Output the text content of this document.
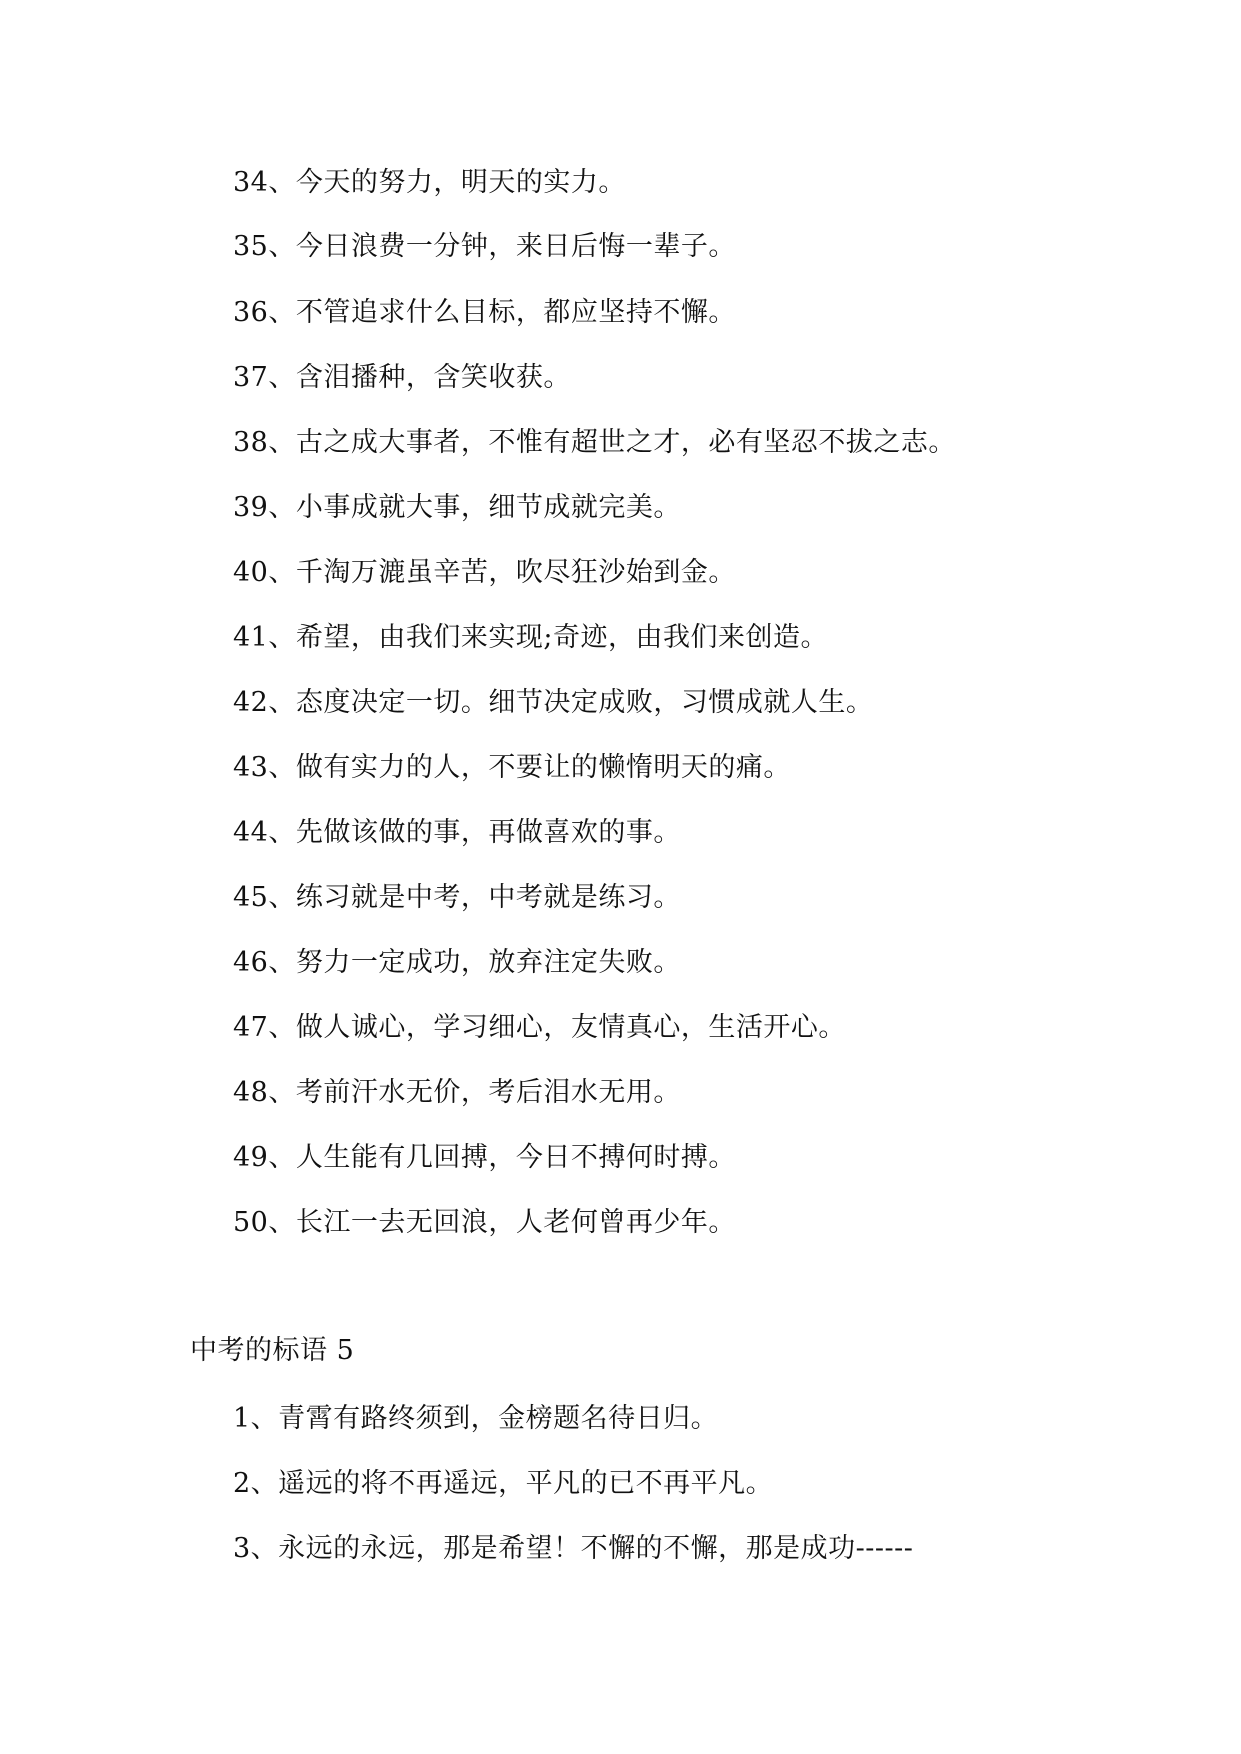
34、今天的努力，明天的实力。
35、今日浪费一分钟，来日后悔一辈子。
36、不管追求什么目标，都应坚持不懈。
37、含泪播种，含笑收获。
38、古之成大事者，不惟有超世之才，必有坚忍不拔之志。
39、小事成就大事，细节成就完美。
40、千淘万漉虽辛苦，吹尽狂沙始到金。
41、希望，由我们来实现;奇迹，由我们来创造。
42、态度决定一切。细节决定成败，习惯成就人生。
43、做有实力的人，不要让的懒惰明天的痛。
44、先做该做的事，再做喜欢的事。
45、练习就是中考，中考就是练习。
46、努力一定成功，放弃注定失败。
47、做人诚心，学习细心，友情真心，生活开心。
48、考前汗水无价，考后泪水无用。
49、人生能有几回搏，今日不搏何时搏。
50、长江一去无回浪，人老何曾再少年。
中考的标语 5
1、青霄有路终须到，金榜题名待日归。
2、遥远的将不再遥远，平凡的已不再平凡。
3、永远的永远，那是希望！不懈的不懈，那是成功------
